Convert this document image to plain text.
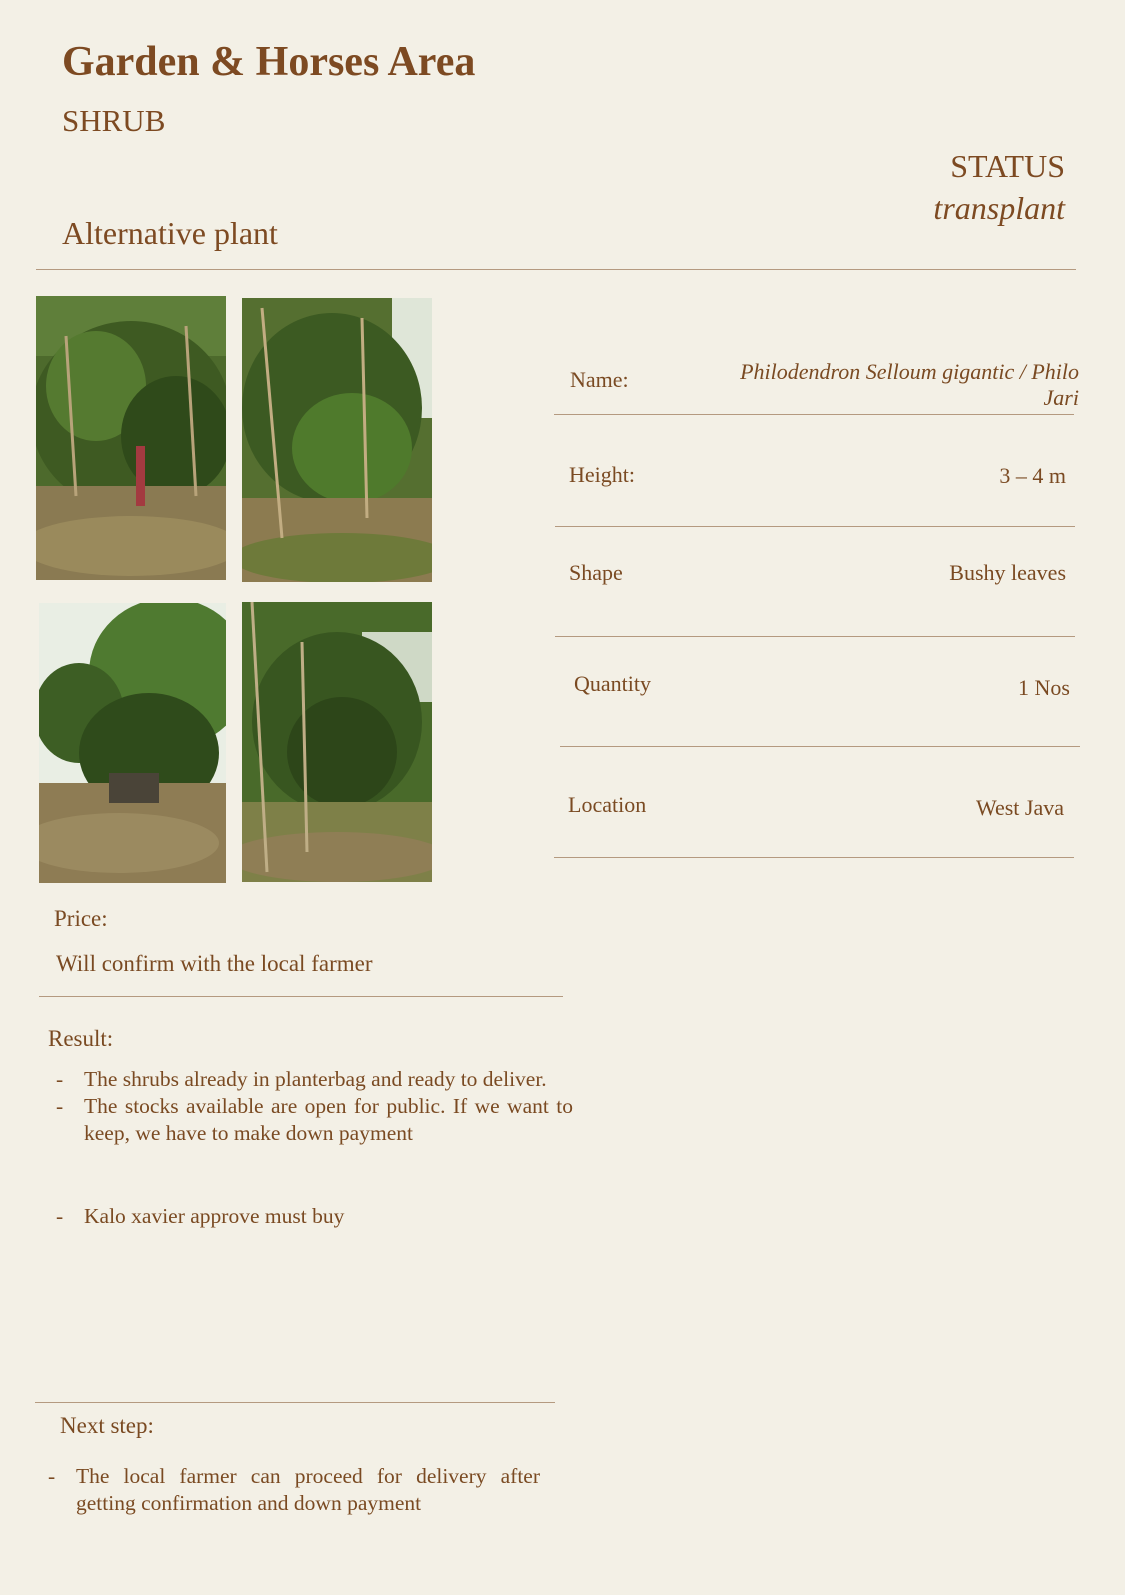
Garden & Horses Area
SHRUB
Alternative plant
STATUS
transplant
Name:	Philodendron Selloum gigantic / Philo Jari
Height:	3 – 4 m
Shape	Bushy leaves
Quantity	1 Nos
Location	West Java
Price:
Will confirm with the local farmer
Result:
- The shrubs already in planterbag and ready to deliver.
- The stocks available are open for public. If we want to keep, we have to make down payment
- Kalo xavier approve must buy
Next step:
- The local farmer can proceed for delivery after getting confirmation and down payment
